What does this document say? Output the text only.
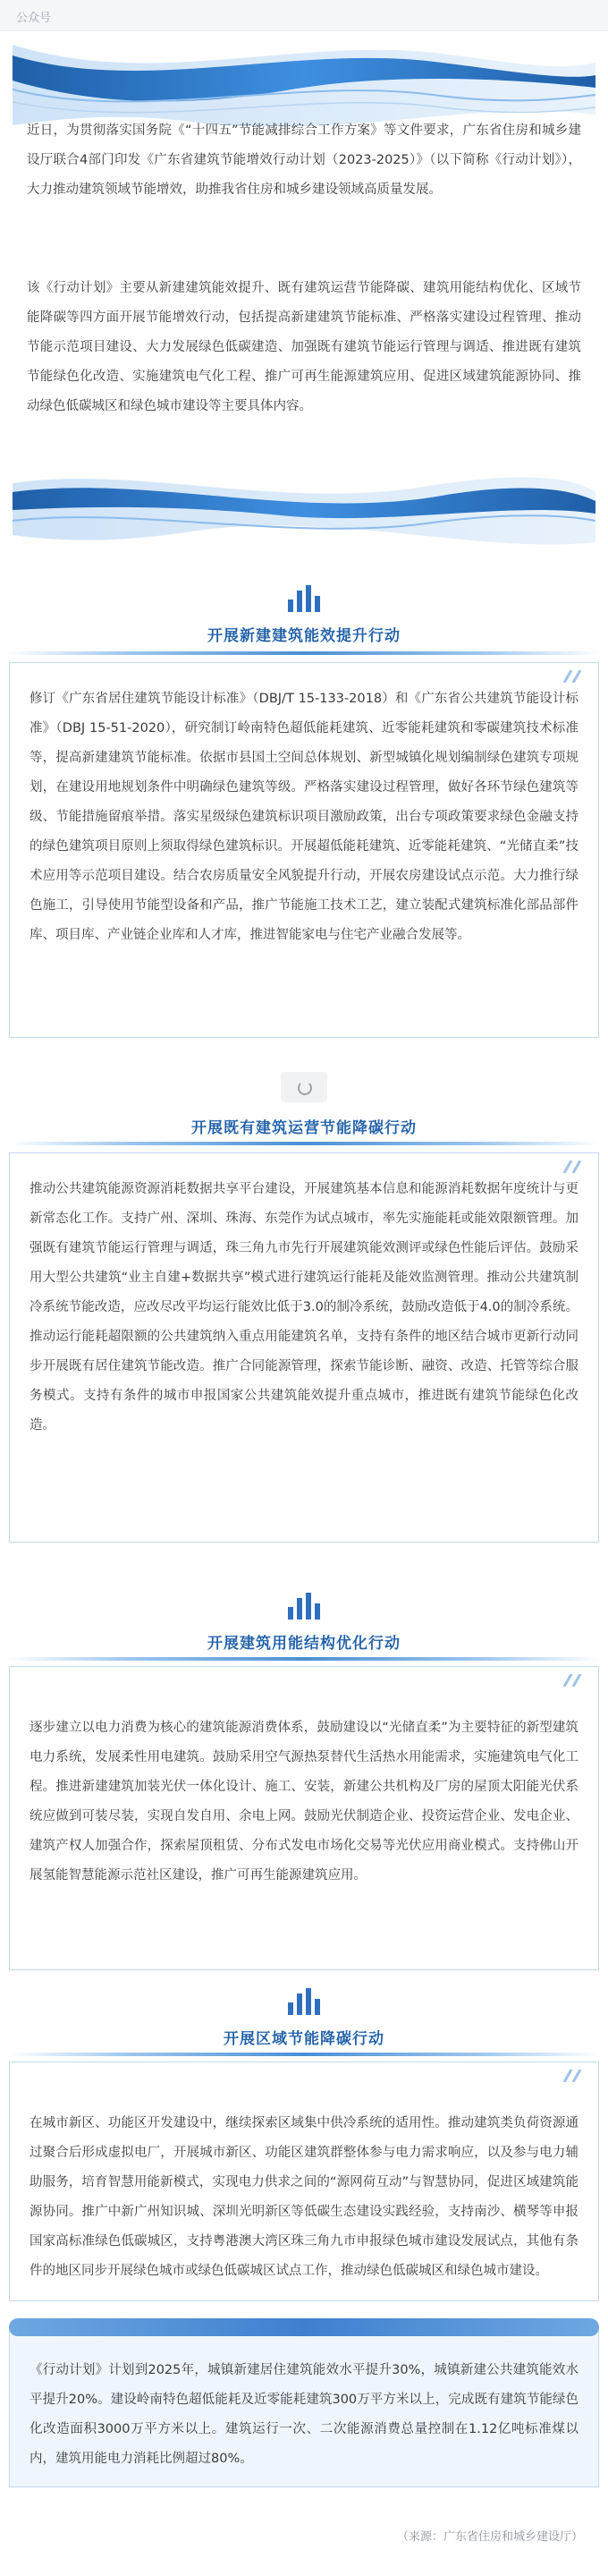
公众号

近日，为贯彻落实国务院《“十四五”节能减排综合工作方案》等文件要求，广东省住房和城乡建设厅联合4部门印发《广东省建筑节能增效行动计划（2023-2025）》（以下简称《行动计划》），大力推动建筑领域节能增效，助推我省住房和城乡建设领域高质量发展。

该《行动计划》主要从新建建筑能效提升、既有建筑运营节能降碳、建筑用能结构优化、区域节能降碳等四方面开展节能增效行动，包括提高新建建筑节能标准、严格落实建设过程管理、推动节能示范项目建设、大力发展绿色低碳建造、加强既有建筑节能运行管理与调适、推进既有建筑节能绿色化改造、实施建筑电气化工程、推广可再生能源建筑应用、促进区域建筑能源协同、推动绿色低碳城区和绿色城市建设等主要具体内容。

开展新建建筑能效提升行动

修订《广东省居住建筑节能设计标准》（DBJ/T 15-133-2018）和《广东省公共建筑节能设计标准》（DBJ 15-51-2020），研究制订岭南特色超低能耗建筑、近零能耗建筑和零碳建筑技术标准等，提高新建建筑节能标准。依据市县国土空间总体规划、新型城镇化规划编制绿色建筑专项规划，在建设用地规划条件中明确绿色建筑等级。严格落实建设过程管理，做好各环节绿色建筑等级、节能措施留痕举措。落实星级绿色建筑标识项目激励政策，出台专项政策要求绿色金融支持的绿色建筑项目原则上须取得绿色建筑标识。开展超低能耗建筑、近零能耗建筑、“光储直柔”技术应用等示范项目建设。结合农房质量安全风貌提升行动，开展农房建设试点示范。大力推行绿色施工，引导使用节能型设备和产品，推广节能施工技术工艺，建立装配式建筑标准化部品部件库、项目库、产业链企业库和人才库，推进智能家电与住宅产业融合发展等。

开展既有建筑运营节能降碳行动

推动公共建筑能源资源消耗数据共享平台建设，开展建筑基本信息和能源消耗数据年度统计与更新常态化工作。支持广州、深圳、珠海、东莞作为试点城市，率先实施能耗或能效限额管理。加强既有建筑节能运行管理与调适，珠三角九市先行开展建筑能效测评或绿色性能后评估。鼓励采用大型公共建筑“业主自建+数据共享”模式进行建筑运行能耗及能效监测管理。推动公共建筑制冷系统节能改造，应改尽改平均运行能效比低于3.0的制冷系统，鼓励改造低于4.0的制冷系统。推动运行能耗超限额的公共建筑纳入重点用能建筑名单，支持有条件的地区结合城市更新行动同步开展既有居住建筑节能改造。推广合同能源管理，探索节能诊断、融资、改造、托管等综合服务模式。支持有条件的城市申报国家公共建筑能效提升重点城市，推进既有建筑节能绿色化改造。

开展建筑用能结构优化行动

逐步建立以电力消费为核心的建筑能源消费体系，鼓励建设以“光储直柔”为主要特征的新型建筑电力系统，发展柔性用电建筑。鼓励采用空气源热泵替代生活热水用能需求，实施建筑电气化工程。推进新建建筑加装光伏一体化设计、施工、安装，新建公共机构及厂房的屋顶太阳能光伏系统应做到可装尽装，实现自发自用、余电上网。鼓励光伏制造企业、投资运营企业、发电企业、建筑产权人加强合作，探索屋顶租赁、分布式发电市场化交易等光伏应用商业模式。支持佛山开展氢能智慧能源示范社区建设，推广可再生能源建筑应用。

开展区域节能降碳行动

在城市新区、功能区开发建设中，继续探索区域集中供冷系统的适用性。推动建筑类负荷资源通过聚合后形成虚拟电厂，开展城市新区、功能区建筑群整体参与电力需求响应，以及参与电力辅助服务，培育智慧用能新模式，实现电力供求之间的“源网荷互动”与智慧协同，促进区域建筑能源协同。推广中新广州知识城、深圳光明新区等低碳生态建设实践经验，支持南沙、横琴等申报国家高标准绿色低碳城区，支持粤港澳大湾区珠三角九市申报绿色城市建设发展试点，其他有条件的地区同步开展绿色城市或绿色低碳城区试点工作，推动绿色低碳城区和绿色城市建设。

《行动计划》计划到2025年，城镇新建居住建筑能效水平提升30%，城镇新建公共建筑能效水平提升20%。建设岭南特色超低能耗及近零能耗建筑300万平方米以上，完成既有建筑节能绿色化改造面积3000万平方米以上。建筑运行一次、二次能源消费总量控制在1.12亿吨标准煤以内，建筑用能电力消耗比例超过80%。

（来源：广东省住房和城乡建设厅）
